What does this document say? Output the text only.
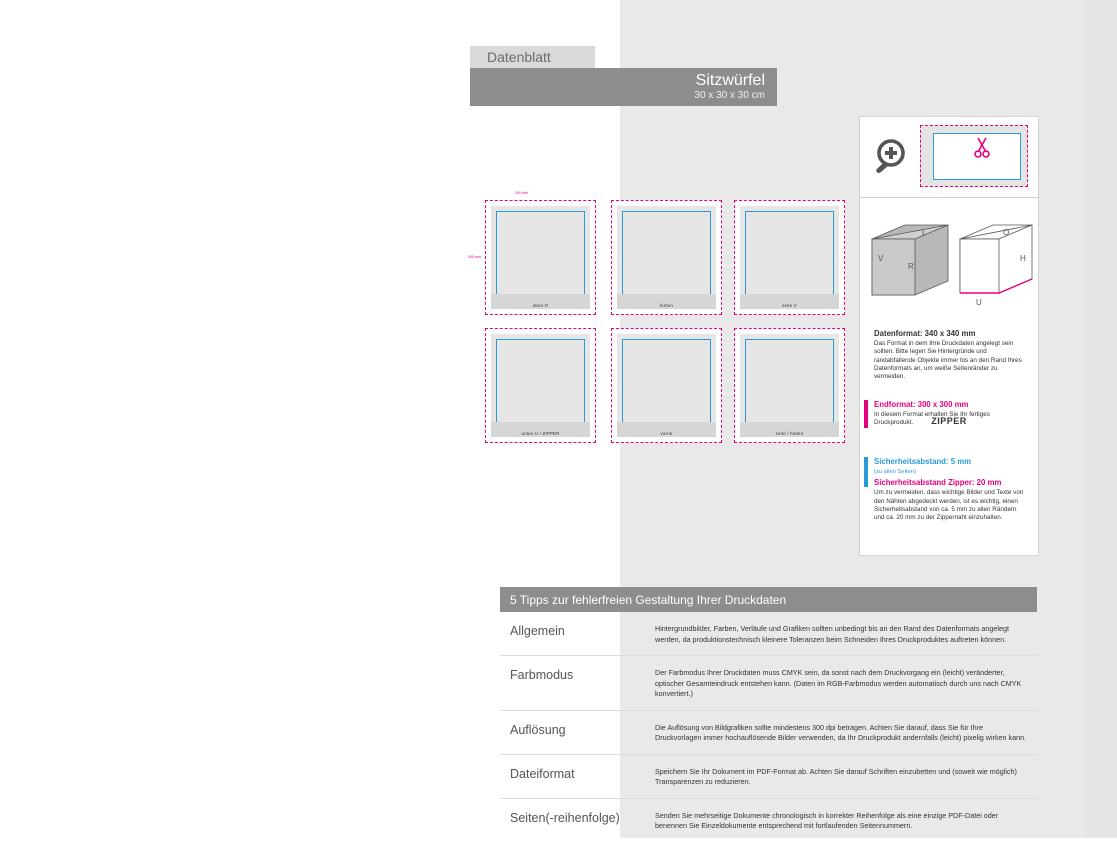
Datenblatt
Sitzwürfel
30 x 30 x 30 cm
oben O
340 mm
340 mm
hinten	seite V
unten U / ZIPPER	vorne	seite / hinten
L
R
V
O
H
U
ZIPPER

Datenformat: 340 x 340 mm

Das Format in dem Ihre Druckdaten angelegt sein sollten. Bitte legen Sie Hintergründe und randabfallende Objekte immer bis an den Rand Ihres Datenformats an, um weiße Seitenränder zu vermeiden.

Endformat: 300 x 300 mm

In diesem Format erhalten Sie Ihr fertiges Druckprodukt.

Sicherheitsabstand: 5 mm

(zu allen Seiten)

Sicherheitsabstand Zipper: 20 mm

Um zu vermeiden, dass wichtige Bilder und Texte von den Nähten abgedeckt werden, ist es wichtig, einen Sicherheitsabstand von ca. 5 mm zu allen Rändern und ca. 20 mm zu der Zippernaht einzuhalten.

5 Tipps zur fehlerfreien Gestaltung Ihrer Druckdaten
Allgemein	Hintergrundbilder, Farben, Verläufe und Grafiken sollten unbedingt bis an den Rand des Datenformats angelegt werden, da produktionstechnisch kleinere Toleranzen beim Schneiden Ihres Druckproduktes auftreten können.
Farbmodus	Der Farbmodus Ihrer Druckdaten muss CMYK sein, da sonst nach dem Druckvorgang ein (leicht) veränderter, optischer Gesamteindruck entstehen kann. (Daten im RGB-Farbmodus werden automatisch durch uns nach CMYK konvertiert.)
Auflösung	Die Auflösung von Bildgrafiken sollte mindestens 300 dpi betragen. Achten Sie darauf, dass Sie für Ihre Druckvorlagen immer hochauflösende Bilder verwenden, da Ihr Druckprodukt andernfalls (leicht) pixelig wirken kann.
Dateiformat	Speichern Sie Ihr Dokument im PDF-Format ab. Achten Sie darauf Schriften einzubetten und (soweit wie möglich) Transparenzen zu reduzieren.
Seiten(-reihenfolge)	Senden Sie mehrseitige Dokumente chronologisch in korrekter Reihenfolge als eine einzige PDF-Datei oder benennen Sie Einzeldokumente entsprechend mit fortlaufenden Seitennummern.
